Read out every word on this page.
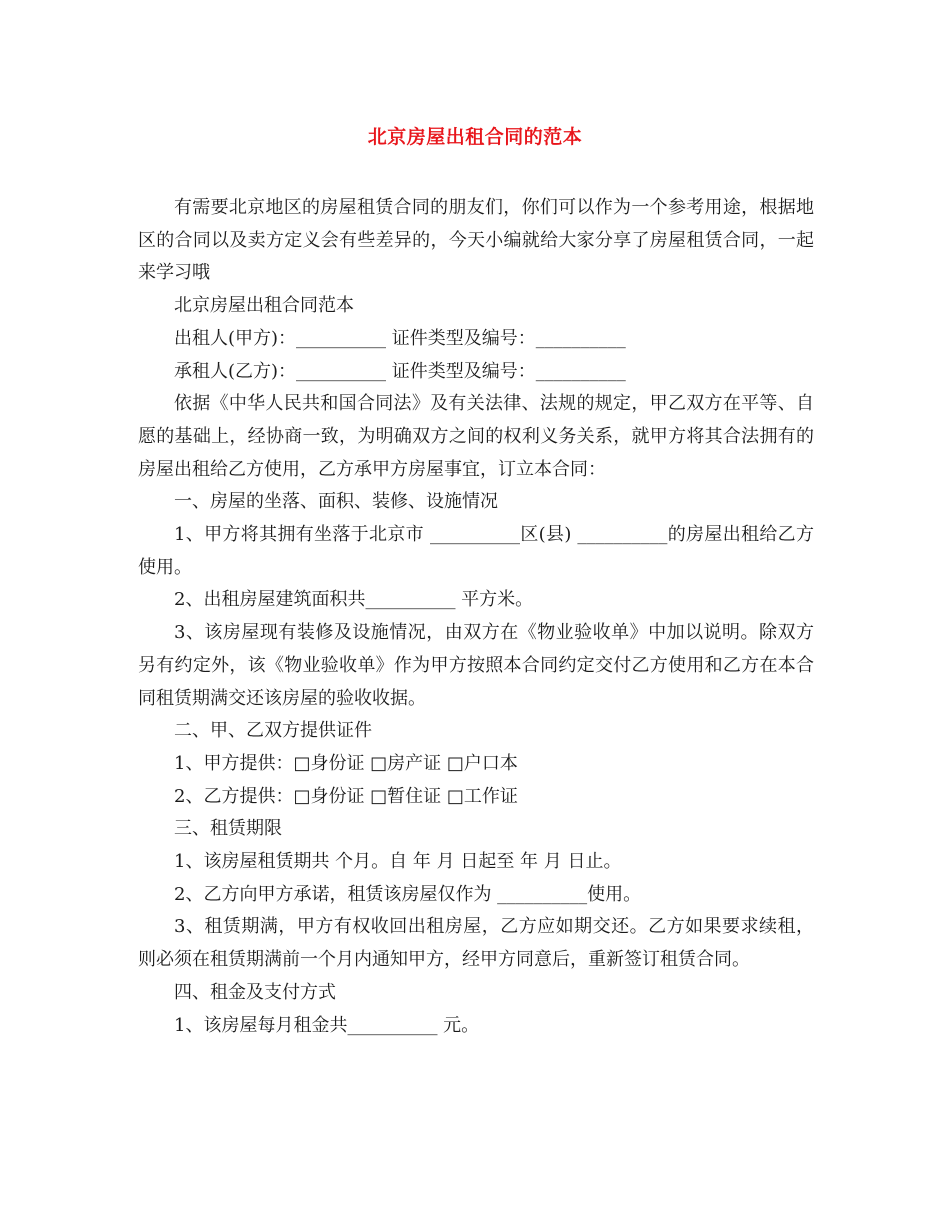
北京房屋出租合同的范本

有需要北京地区的房屋租赁合同的朋友们，你们可以作为一个参考用途，根据地区的合同以及卖方定义会有些差异的，今天小编就给大家分享了房屋租赁合同，一起来学习哦

北京房屋出租合同范本

出租人(甲方)：__________ 证件类型及编号：__________

承租人(乙方)：__________ 证件类型及编号：__________

依据《中华人民共和国合同法》及有关法律、法规的规定，甲乙双方在平等、自愿的基础上，经协商一致，为明确双方之间的权利义务关系，就甲方将其合法拥有的房屋出租给乙方使用，乙方承甲方房屋事宜，订立本合同：

一、房屋的坐落、面积、装修、设施情况

1、甲方将其拥有坐落于北京市 __________区(县) __________的房屋出租给乙方使用。

2、出租房屋建筑面积共__________ 平方米。

3、该房屋现有装修及设施情况，由双方在《物业验收单》中加以说明。除双方另有约定外，该《物业验收单》作为甲方按照本合同约定交付乙方使用和乙方在本合同租赁期满交还该房屋的验收收据。

二、甲、乙双方提供证件

1、甲方提供：□身份证 □房产证 □户口本

2、乙方提供：□身份证 □暂住证 □工作证

三、租赁期限

1、该房屋租赁期共 个月。自 年 月 日起至 年 月 日止。

2、乙方向甲方承诺，租赁该房屋仅作为 __________使用。

3、租赁期满，甲方有权收回出租房屋，乙方应如期交还。乙方如果要求续租，则必须在租赁期满前一个月内通知甲方，经甲方同意后，重新签订租赁合同。

四、租金及支付方式

1、该房屋每月租金共__________ 元。
